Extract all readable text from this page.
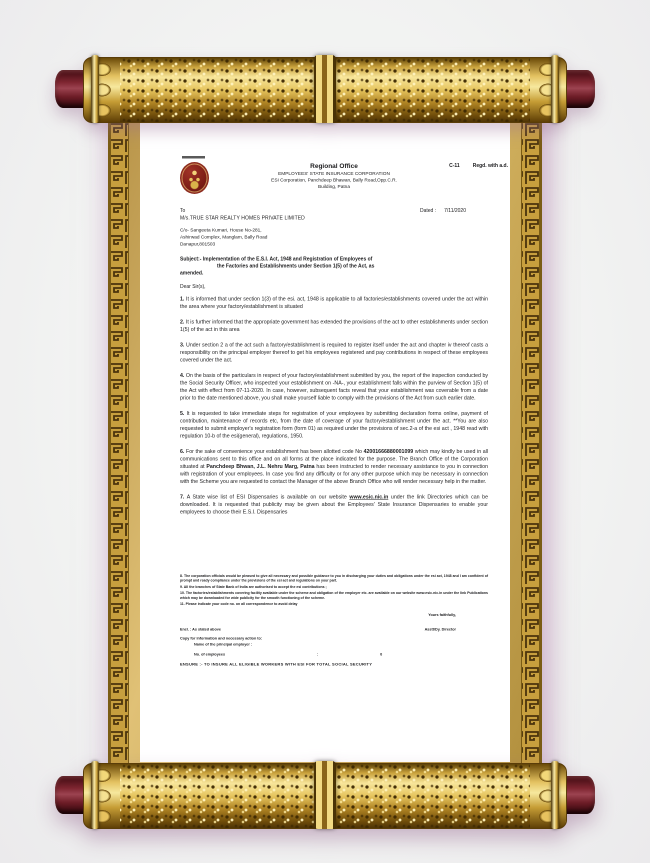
Regional Office
EMPLOYEES' STATE INSURANCE CORPORATION
ESI Corporation, Panchdeep Bhawan, Bally Road,Opp.C.R.
Building, Patna
C-11 Regd. with a.d.
To
M/s.TRUE STAR REALTY HOMES PRIVATE LIMITED
Dated : 7/11/2020
C/o- Sangeeta Kumari, House No-281,
Ashirwad Complex, Manglam, Bally Road
Danapur,801503
Subject:- Implementation of the E.S.I. Act, 1948 and Registration of Employees of
the Factories and Establishments under Section 1(5) of the Act, as
amended.
Dear Sir(s),

1. It is informed that under section 1(3) of the esi. act, 1948 is applicable to all factories/establishments covered under the act within the area where your factory/establishment is situated

2. It is further informed that the appropriate government has extended the provisions of the act to other establishments under section 1(5) of the act in this area

3. Under section 2 a of the act such a factory/establishment is required to register itself under the act and chapter iv thereof casts a responsibility on the principal employer thereof to get his employees registered and pay contributions in respect of these employees covered under the act.

4. On the basis of the particulars in respect of your factory/establishment submitted by you, the report of the inspection conducted by the Social Security Officer, who inspected your establishment on -NA-, your establishment falls within the purview of Section 1(5) of the Act with effect from 07-11-2020. In case, however, subsequent facts reveal that your establishment was coverable from a date prior to the date mentioned above, you shall make yourself liable to comply with the provisions of the Act from such earlier date.

5. It is requested to take immediate steps for registration of your employees by submitting declaration forms online, payment of contribution, maintenance of records etc, from the date of coverage of your factory/establishment under the act. **You are also requested to submit employer's registration form (form 01) as required under the provisions of sec.2-a of the esi act , 1948 read with regulation 10-b of the esi(general), regulations, 1950.

6. For the sake of convenience your establishment has been allotted code No 42001666880001099 which may kindly be used in all communications sent to this office and on all forms at the place indicated for the purpose. The Branch Office of the Corporation situated at Panchdeep Bhwan, J.L. Nehru Marg, Patna has been instructed to render necessary assistance to you in connection with registration of your employees. In case you find any difficulty or for any other purpose which may be necessary in connection with the Scheme you are requested to contact the Manager of the above Branch Office who will render necessary help in the matter.

7. A State wise list of ESI Dispensaries is available on our website www.esic.nic.in under the link Directories which can be downloaded. It is requested that publicity may be given about the Employees' State Insurance Dispensaries to enable your employees to choose their E.S.I. Dispensaries

8. The corporation officials would be pleased to give all necessary and possible guidance to you in discharging your duties and obligations under the esi act, 1948 and I am confident of prompt and ready compliance under the provisions of the esi act and regulations on your part.

9. All the branches of State Bank of India are authorised to accept the esi contributions ;

10. The factories/establishments covering facility available under the scheme and obligation of the employer etc. are available on our website www.esic.nic.in under the link Publications which may be downloaded for wide publicity for the smooth functioning of the scheme.

11. Please indicate your code no. on all correspondence to avoid delay

Yours faithfully,
Encl. : As stated above	Asstt/Dy. Director
Copy for information and necessary action to:
Name of the principal employer :
No. of employees	:	0
ENSURE :- TO INSURE ALL ELIGIBLE WORKERS WITH ESI FOR TOTAL SOCIAL SECURITY
